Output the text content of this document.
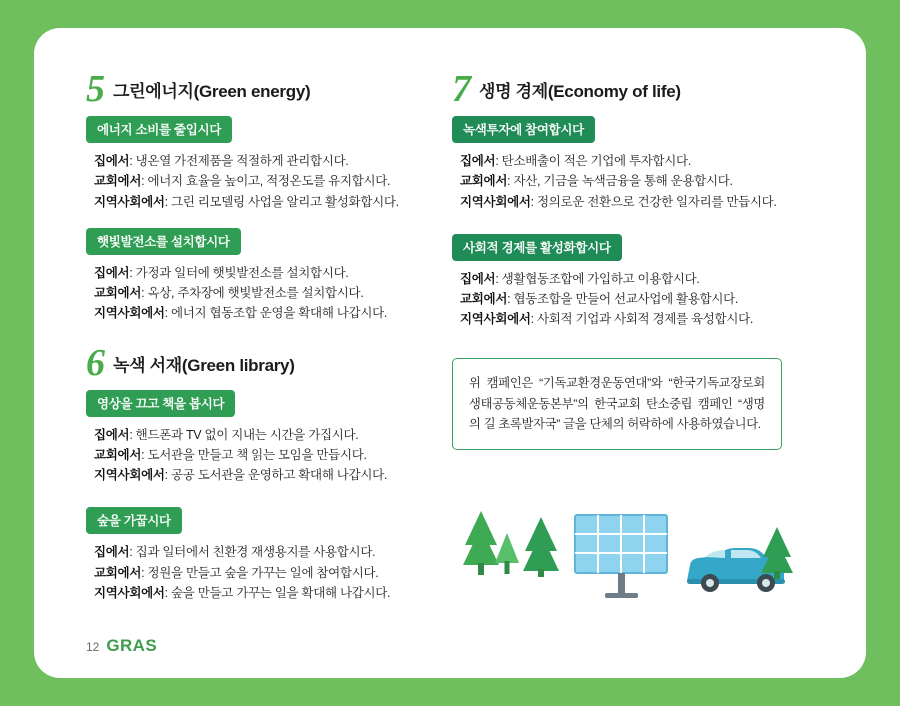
5 그린에너지(Green energy)
에너지 소비를 줄입시다
집에서: 냉온열 가전제품을 적절하게 관리합시다.
교회에서: 에너지 효율을 높이고, 적정온도를 유지합시다.
지역사회에서: 그린 리모델링 사업을 알리고 활성화합시다.
햇빛발전소를 설치합시다
집에서: 가정과 일터에 햇빛발전소를 설치합시다.
교회에서: 옥상, 주차장에 햇빛발전소를 설치합시다.
지역사회에서: 에너지 협동조합 운영을 확대해 나갑시다.
6 녹색 서재(Green library)
영상을 끄고 책을 봅시다
집에서: 핸드폰과 TV 없이 지내는 시간을 가집시다.
교회에서: 도서관을 만들고 책 읽는 모임을 만듭시다.
지역사회에서: 공공 도서관을 운영하고 확대해 나갑시다.
숲을 가꿉시다
집에서: 집과 일터에서 친환경 재생용지를 사용합시다.
교회에서: 정원을 만들고 숲을 가꾸는 일에 참여합시다.
지역사회에서: 숲을 만들고 가꾸는 일을 확대해 나갑시다.
7 생명 경제(Economy of life)
녹색투자에 참여합시다
집에서: 탄소배출이 적은 기업에 투자합시다.
교회에서: 자산, 기금을 녹색금융을 통해 운용합시다.
지역사회에서: 정의로운 전환으로 건강한 일자리를 만듭시다.
사회적 경제를 활성화합시다
집에서: 생활협동조합에 가입하고 이용합시다.
교회에서: 협동조합을 만들어 선교사업에 활용합시다.
지역사회에서: 사회적 기업과 사회적 경제를 육성합시다.

위 캠페인은 “기독교환경운동연대”와 “한국기독교장로회 생태공동체운동본부”의 한국교회 탄소중립 캠페인 “생명의 길 초록발자국” 글을 단체의 허락하에 사용하였습니다.

12 GRAS
